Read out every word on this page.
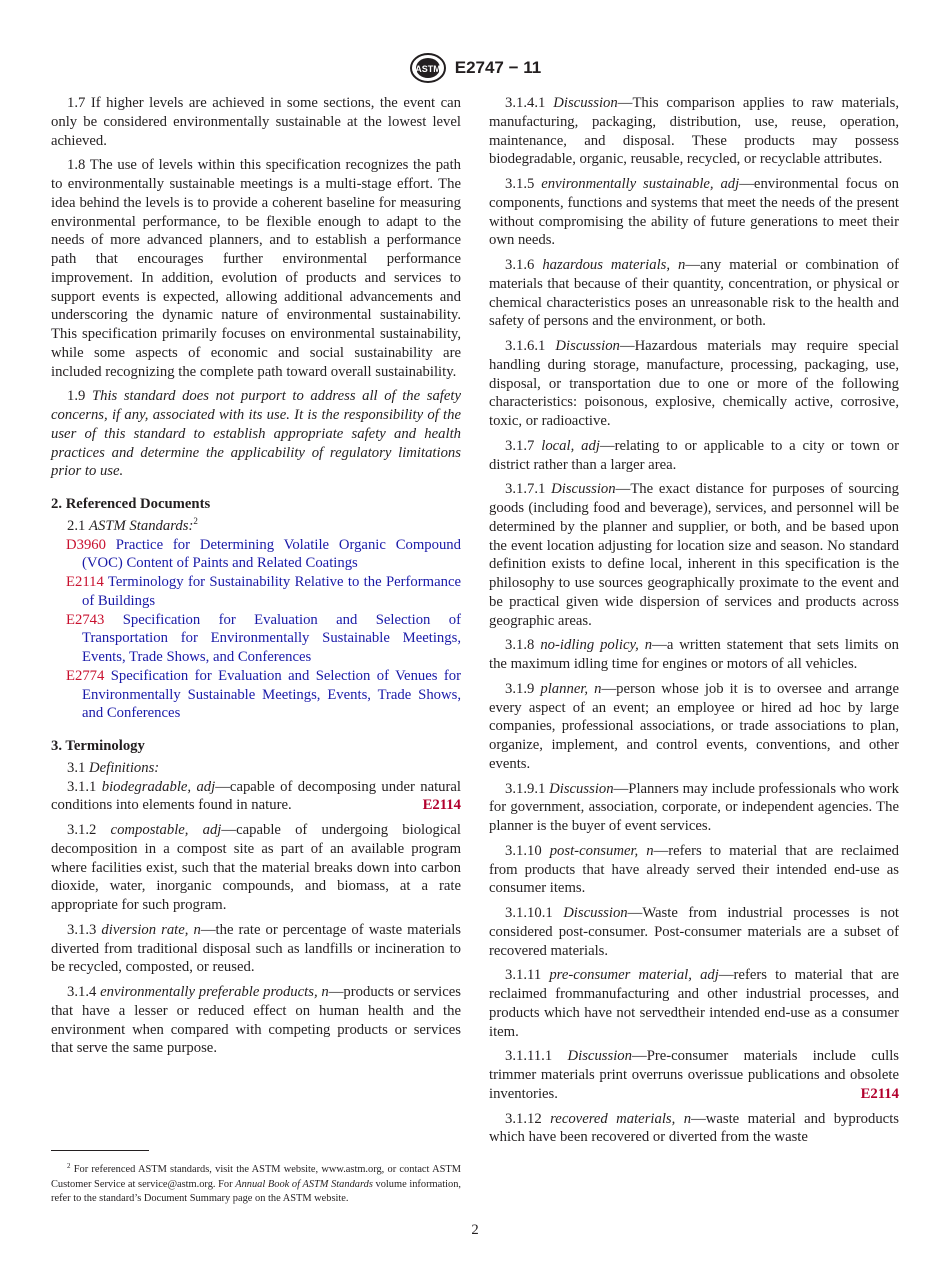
ASTM E2747 − 11

1.7 If higher levels are achieved in some sections, the event can only be considered environmentally sustainable at the lowest level achieved.

1.8 The use of levels within this specification recognizes the path to environmentally sustainable meetings is a multi-stage effort. The idea behind the levels is to provide a coherent baseline for measuring environmental performance, to be flexible enough to adapt to the needs of more advanced planners, and to establish a performance path that encourages further environmental performance improvement. In addition, evolution of products and services to support events is expected, allowing additional advancements and underscoring the dynamic nature of environmental sustainability. This specification primarily focuses on environmental sustainability, while some aspects of economic and social sustainability are included recognizing the complete path toward overall sustainability.

1.9 This standard does not purport to address all of the safety concerns, if any, associated with its use. It is the responsibility of the user of this standard to establish appropriate safety and health practices and determine the applicability of regulatory limitations prior to use.

2. Referenced Documents

2.1 ASTM Standards:$^2$

D3960 Practice for Determining Volatile Organic Compound (VOC) Content of Paints and Related Coatings

E2114 Terminology for Sustainability Relative to the Performance of Buildings

E2743 Specification for Evaluation and Selection of Transportation for Environmentally Sustainable Meetings, Events, Trade Shows, and Conferences

E2774 Specification for Evaluation and Selection of Venues for Environmentally Sustainable Meetings, Events, Trade Shows, and Conferences

3. Terminology

3.1 Definitions:

3.1.1 biodegradable, adj—capable of decomposing under natural conditions into elements found in nature.	E2114

3.1.2 compostable, adj—capable of undergoing biological decomposition in a compost site as part of an available program where facilities exist, such that the material breaks down into carbon dioxide, water, inorganic compounds, and biomass, at a rate appropriate for such program.

3.1.3 diversion rate, n—the rate or percentage of waste materials diverted from traditional disposal such as landfills or incineration to be recycled, composted, or reused.

3.1.4 environmentally preferable products, n—products or services that have a lesser or reduced effect on human health and the environment when compared with competing products or services that serve the same purpose.

$^2$ For referenced ASTM standards, visit the ASTM website, www.astm.org, or contact ASTM Customer Service at service@astm.org. For Annual Book of ASTM Standards volume information, refer to the standard’s Document Summary page on the ASTM website.

3.1.4.1 Discussion—This comparison applies to raw materials, manufacturing, packaging, distribution, use, reuse, operation, maintenance, and disposal. These products may possess biodegradable, organic, reusable, recycled, or recyclable attributes.

3.1.5 environmentally sustainable, adj—environmental focus on components, functions and systems that meet the needs of the present without compromising the ability of future generations to meet their own needs.

3.1.6 hazardous materials, n—any material or combination of materials that because of their quantity, concentration, or physical or chemical characteristics poses an unreasonable risk to the health and safety of persons and the environment, or both.

3.1.6.1 Discussion—Hazardous materials may require special handling during storage, manufacture, processing, packaging, use, disposal, or transportation due to one or more of the following characteristics: poisonous, explosive, chemically active, corrosive, toxic, or radioactive.

3.1.7 local, adj—relating to or applicable to a city or town or district rather than a larger area.

3.1.7.1 Discussion—The exact distance for purposes of sourcing goods (including food and beverage), services, and personnel will be determined by the planner and supplier, or both, and be based upon the event location adjusting for location size and season. No standard definition exists to define local, inherent in this specification is the philosophy to use sources geographically proximate to the event and be practical given wide dispersion of services and products across geographic areas.

3.1.8 no-idling policy, n—a written statement that sets limits on the maximum idling time for engines or motors of all vehicles.

3.1.9 planner, n—person whose job it is to oversee and arrange every aspect of an event; an employee or hired ad hoc by large companies, professional associations, or trade associations to plan, organize, implement, and control events, conventions, and other events.

3.1.9.1 Discussion—Planners may include professionals who work for government, association, corporate, or independent agencies. The planner is the buyer of event services.

3.1.10 post-consumer, n—refers to material that are reclaimed from products that have already served their intended end-use as consumer items.

3.1.10.1 Discussion—Waste from industrial processes is not considered post-consumer. Post-consumer materials are a subset of recovered materials.

3.1.11 pre-consumer material, adj—refers to material that are reclaimed frommanufacturing and other industrial processes, and products which have not servedtheir intended end-use as a consumer item.

3.1.11.1 Discussion—Pre-consumer materials include culls trimmer materials print overruns overissue publications and obsolete inventories.	E2114

3.1.12 recovered materials, n—waste material and byproducts which have been recovered or diverted from the waste

2
